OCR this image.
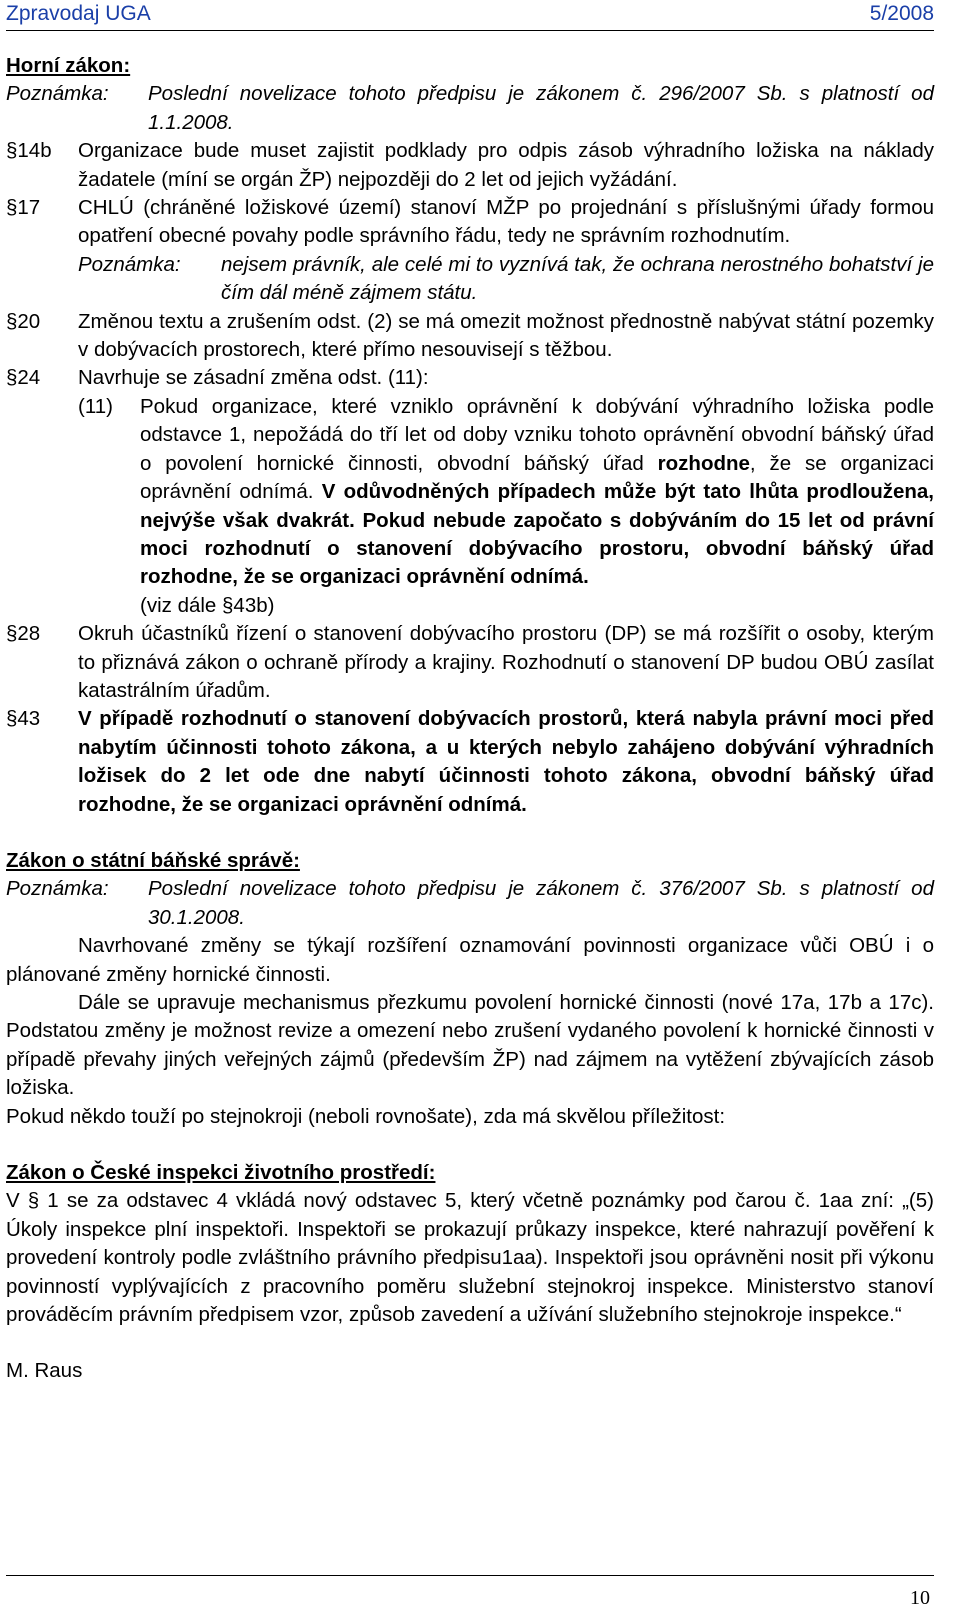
Zpravodaj UGA	5/2008
Horní zákon:
Poznámka:	Poslední novelizace tohoto předpisu je zákonem č. 296/2007 Sb. s platností od 1.1.2008.
§14b	Organizace bude muset zajistit podklady pro odpis zásob výhradního ložiska na náklady žadatele (míní se orgán ŽP) nejpozději do 2 let od jejich vyžádání.
§17	CHLÚ (chráněné ložiskové území) stanoví MŽP po projednání s příslušnými úřady formou opatření obecné povahy podle správního řádu, tedy ne správním rozhodnutím.
Poznámka:	nejsem právník, ale celé mi to vyznívá tak, že ochrana nerostného bohatství je čím dál méně zájmem státu.
§20	Změnou textu a zrušením odst. (2) se má omezit možnost přednostně nabývat státní pozemky v dobývacích prostorech, které přímo nesouvisejí s těžbou.
§24	Navrhuje se zásadní změna odst. (11):
(11)	Pokud organizace, které vzniklo oprávnění k dobývání výhradního ložiska podle odstavce 1, nepožádá do tří let od doby vzniku tohoto oprávnění obvodní báňský úřad o povolení hornické činnosti, obvodní báňský úřad rozhodne, že se organizaci oprávnění odnímá. V odůvodněných případech může být tato lhůta prodloužena, nejvýše však dvakrát. Pokud nebude započato s dobýváním do 15 let od právní moci rozhodnutí o stanovení dobývacího prostoru, obvodní báňský úřad rozhodne, že se organizaci oprávnění odnímá.
(viz dále §43b)
§28	Okruh účastníků řízení o stanovení dobývacího prostoru (DP) se má rozšířit o osoby, kterým to přiznává zákon o ochraně přírody a krajiny. Rozhodnutí o stanovení DP budou OBÚ zasílat katastrálním úřadům.
§43	V případě rozhodnutí o stanovení dobývacích prostorů, která nabyla právní moci před nabytím účinnosti tohoto zákona, a u kterých nebylo zahájeno dobývání výhradních ložisek do 2 let ode dne nabytí účinnosti tohoto zákona, obvodní báňský úřad rozhodne, že se organizaci oprávnění odnímá.
Zákon o státní báňské správě:
Poznámka:	Poslední novelizace tohoto předpisu je zákonem č. 376/2007 Sb. s platností od 30.1.2008.
Navrhované změny se týkají rozšíření oznamování povinnosti organizace vůči OBÚ i o plánované změny hornické činnosti.
Dále se upravuje mechanismus přezkumu povolení hornické činnosti (nové 17a, 17b a 17c). Podstatou změny je možnost revize a omezení nebo zrušení vydaného povolení k hornické činnosti v případě převahy jiných veřejných zájmů (především ŽP) nad zájmem na vytěžení zbývajících zásob ložiska.
Pokud někdo touží po stejnokroji (neboli rovnošate), zda má skvělou příležitost:
Zákon o České inspekci životního prostředí:
V § 1 se za odstavec 4 vkládá nový odstavec 5, který včetně poznámky pod čarou č. 1aa zní: „(5) Úkoly inspekce plní inspektoři. Inspektoři se prokazují průkazy inspekce, které nahrazují pověření k provedení kontroly podle zvláštního právního předpisu1aa). Inspektoři jsou oprávněni nosit při výkonu povinností vyplývajících z pracovního poměru služební stejnokroj inspekce. Ministerstvo stanoví prováděcím právním předpisem vzor, způsob zavedení a užívání služebního stejnokroje inspekce.“
M. Raus
10
